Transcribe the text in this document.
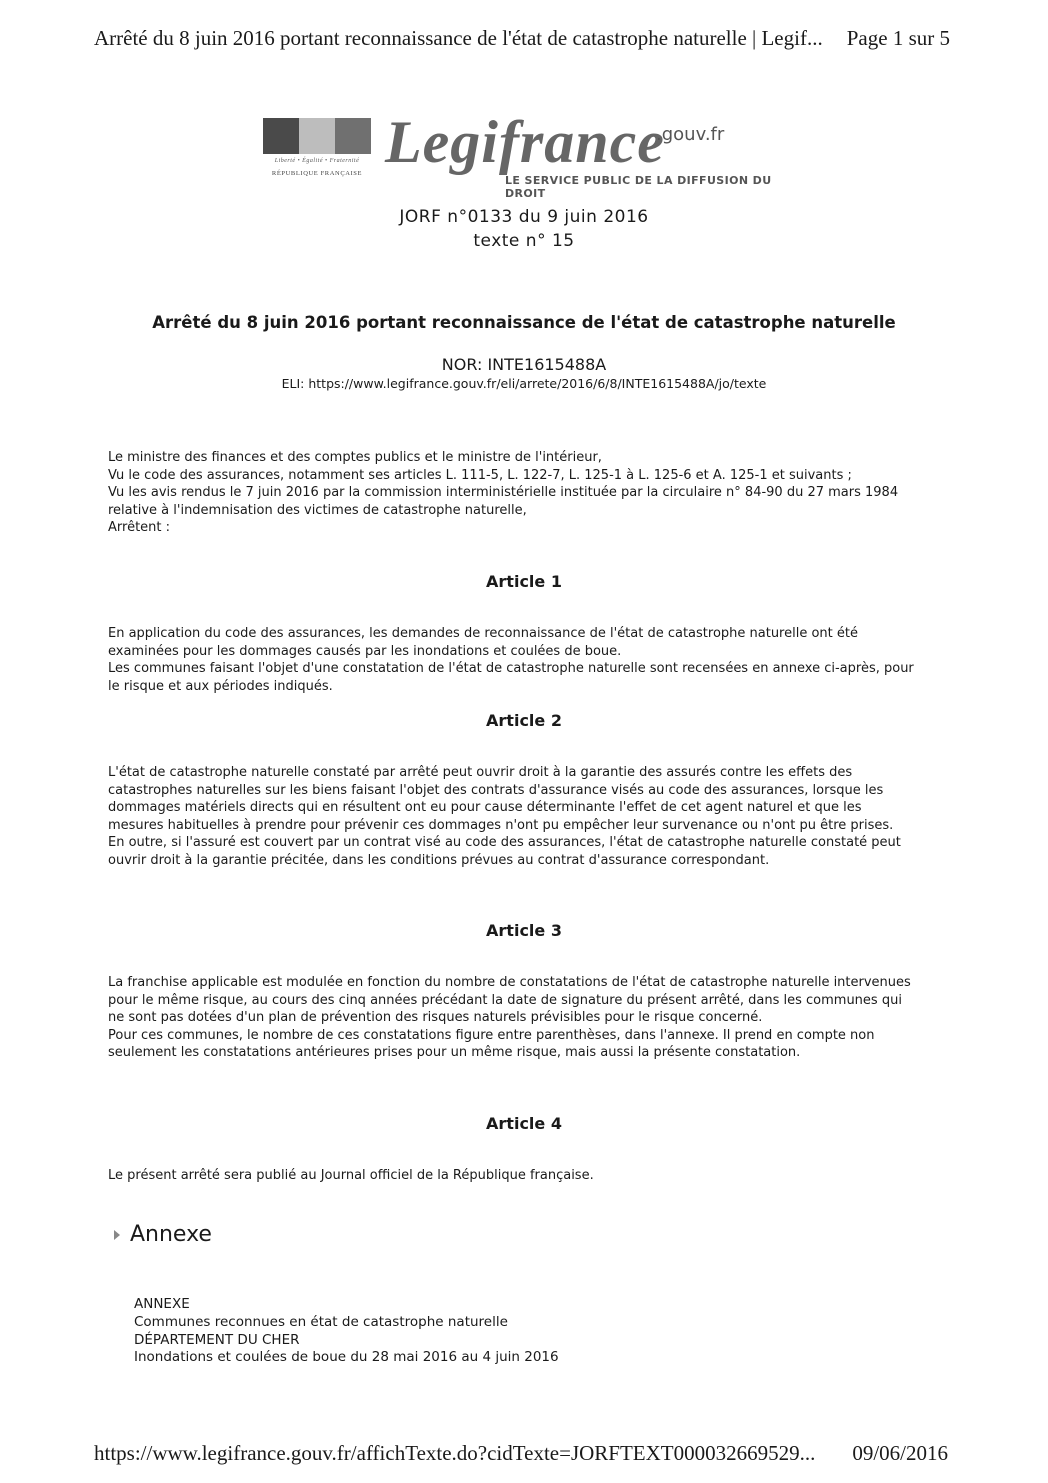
Arrêté du 8 juin 2016 portant reconnaissance de l'état de catastrophe naturelle | Legif... Page 1 sur 5
Liberté • Égalité • Fraternité
RÉPUBLIQUE FRANÇAISE Legifrance
.gouv.fr
LE SERVICE PUBLIC DE LA DIFFUSION DU DROIT
JORF n°0133 du 9 juin 2016
texte n° 15
Arrêté du 8 juin 2016 portant reconnaissance de l'état de catastrophe naturelle
NOR: INTE1615488A
ELI: https://www.legifrance.gouv.fr/eli/arrete/2016/6/8/INTE1615488A/jo/texte

Le ministre des finances et des comptes publics et le ministre de l'intérieur,

Vu le code des assurances, notamment ses articles L. 111-5, L. 122-7, L. 125-1 à L. 125-6 et A. 125-1 et suivants ;

Vu les avis rendus le 7 juin 2016 par la commission interministérielle instituée par la circulaire n° 84-90 du 27 mars 1984 relative à l'indemnisation des victimes de catastrophe naturelle,

Arrêtent :

Article 1

En application du code des assurances, les demandes de reconnaissance de l'état de catastrophe naturelle ont été examinées pour les dommages causés par les inondations et coulées de boue.

Les communes faisant l'objet d'une constatation de l'état de catastrophe naturelle sont recensées en annexe ci-après, pour le risque et aux périodes indiqués.

Article 2

L'état de catastrophe naturelle constaté par arrêté peut ouvrir droit à la garantie des assurés contre les effets des catastrophes naturelles sur les biens faisant l'objet des contrats d'assurance visés au code des assurances, lorsque les dommages matériels directs qui en résultent ont eu pour cause déterminante l'effet de cet agent naturel et que les mesures habituelles à prendre pour prévenir ces dommages n'ont pu empêcher leur survenance ou n'ont pu être prises.

En outre, si l'assuré est couvert par un contrat visé au code des assurances, l'état de catastrophe naturelle constaté peut ouvrir droit à la garantie précitée, dans les conditions prévues au contrat d'assurance correspondant.

Article 3

La franchise applicable est modulée en fonction du nombre de constatations de l'état de catastrophe naturelle intervenues pour le même risque, au cours des cinq années précédant la date de signature du présent arrêté, dans les communes qui ne sont pas dotées d'un plan de prévention des risques naturels prévisibles pour le risque concerné.

Pour ces communes, le nombre de ces constatations figure entre parenthèses, dans l'annexe. Il prend en compte non seulement les constatations antérieures prises pour un même risque, mais aussi la présente constatation.

Article 4

Le présent arrêté sera publié au Journal officiel de la République française.

Annexe

ANNEXE

Communes reconnues en état de catastrophe naturelle

DÉPARTEMENT DU CHER

Inondations et coulées de boue du 28 mai 2016 au 4 juin 2016

https://www.legifrance.gouv.fr/affichTexte.do?cidTexte=JORFTEXT000032669529... 09/06/2016
